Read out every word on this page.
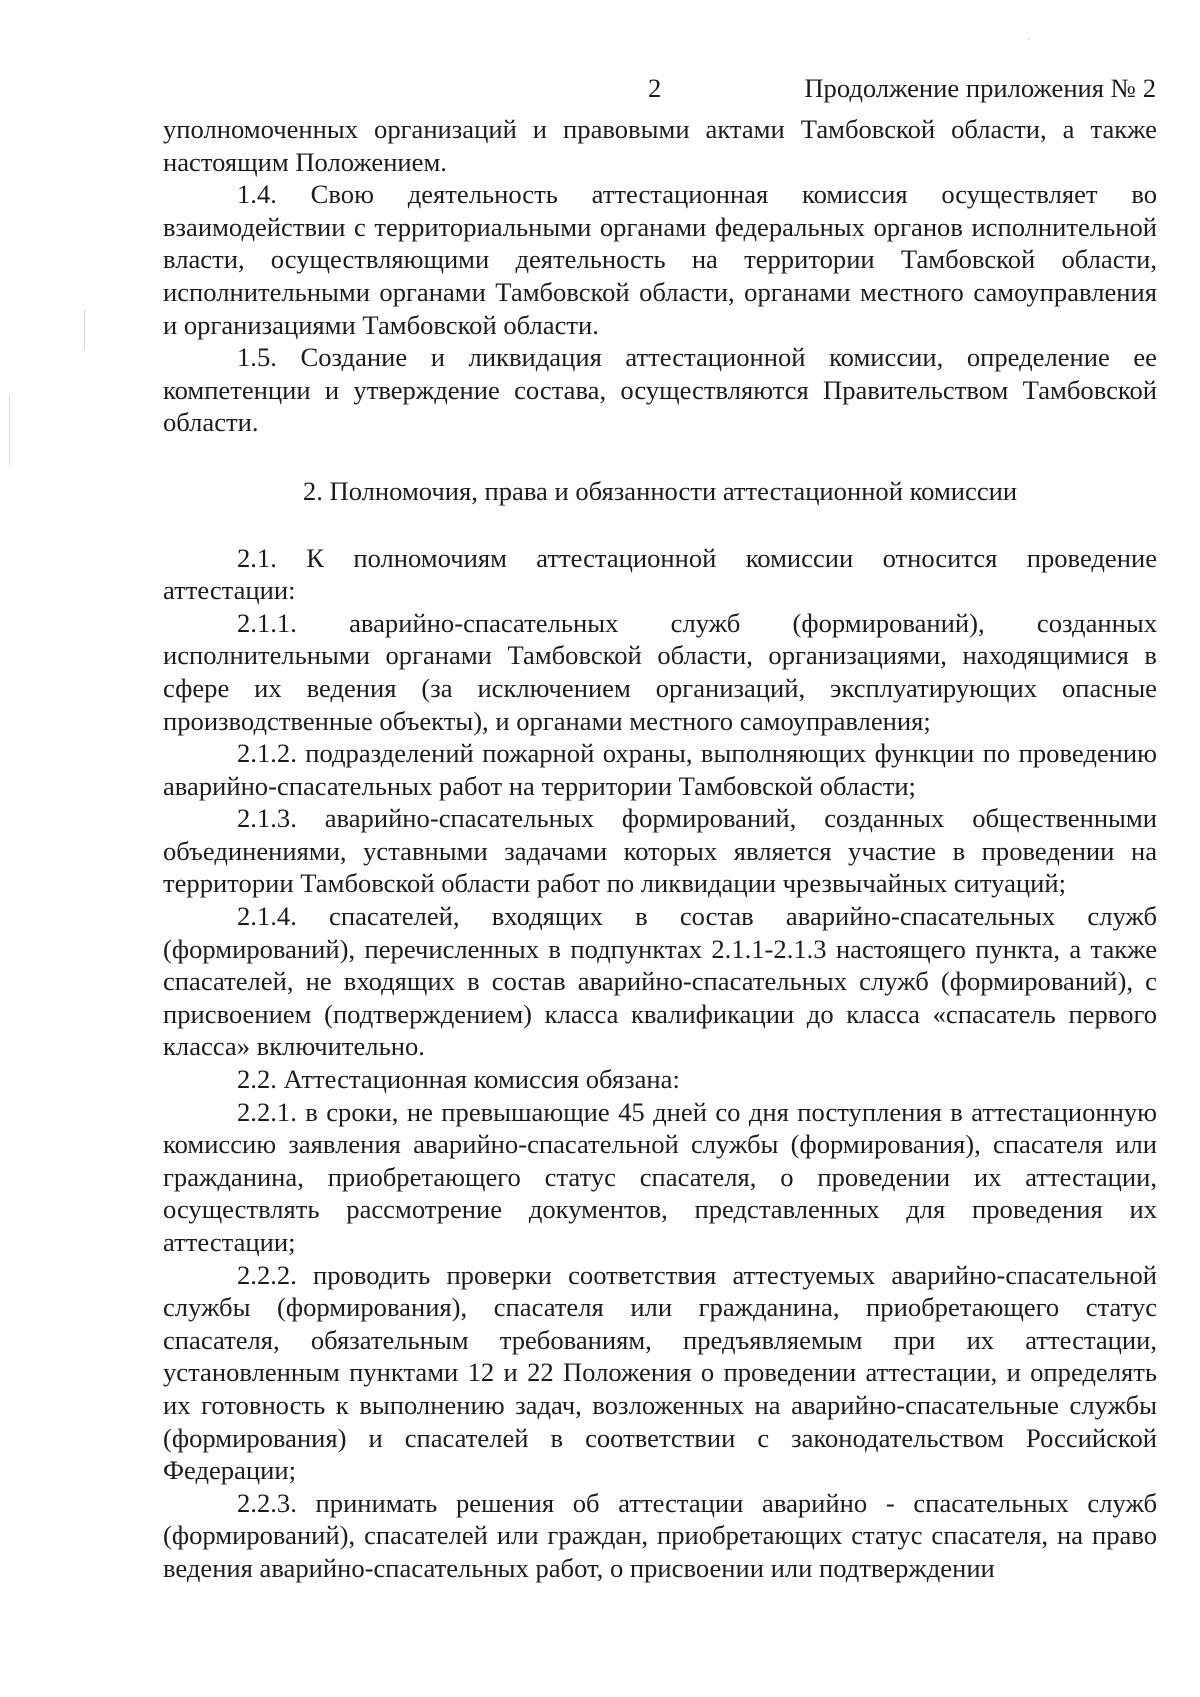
2	Продолжение приложения № 2

уполномоченных организаций и правовыми актами Тамбовской области, а также настоящим Положением.

1.4. Свою деятельность аттестационная комиссия осуществляет во взаимодействии с территориальными органами федеральных органов исполнительной власти, осуществляющими деятельность на территории Тамбовской области, исполнительными органами Тамбовской области, органами местного самоуправления и организациями Тамбовской области.

1.5. Создание и ликвидация аттестационной комиссии, определение ее компетенции и утверждение состава, осуществляются Правительством Тамбовской области.

2. Полномочия, права и обязанности аттестационной комиссии

2.1. К полномочиям аттестационной комиссии относится проведение аттестации:

2.1.1. аварийно-спасательных служб (формирований), созданных исполнительными органами Тамбовской области, организациями, находящимися в сфере их ведения (за исключением организаций, эксплуатирующих опасные производственные объекты), и органами местного самоуправления;

2.1.2. подразделений пожарной охраны, выполняющих функции по проведению аварийно-спасательных работ на территории Тамбовской области;

2.1.3. аварийно-спасательных формирований, созданных общественными объединениями, уставными задачами которых является участие в проведении на территории Тамбовской области работ по ликвидации чрезвычайных ситуаций;

2.1.4. спасателей, входящих в состав аварийно-спасательных служб (формирований), перечисленных в подпунктах 2.1.1-2.1.3 настоящего пункта, а также спасателей, не входящих в состав аварийно-спасательных служб (формирований), с присвоением (подтверждением) класса квалификации до класса «спасатель первого класса» включительно.

2.2. Аттестационная комиссия обязана:

2.2.1. в сроки, не превышающие 45 дней со дня поступления в аттестационную комиссию заявления аварийно-спасательной службы (формирования), спасателя или гражданина, приобретающего статус спасателя, о проведении их аттестации, осуществлять рассмотрение документов, представленных для проведения их аттестации;

2.2.2. проводить проверки соответствия аттестуемых аварийно-спасательной службы (формирования), спасателя или гражданина, приобретающего статус спасателя, обязательным требованиям, предъявляемым при их аттестации, установленным пунктами 12 и 22 Положения о проведении аттестации, и определять их готовность к выполнению задач, возложенных на аварийно-спасательные службы (формирования) и спасателей в соответствии с законодательством Российской Федерации;

2.2.3. принимать решения об аттестации аварийно - спасательных служб (формирований), спасателей или граждан, приобретающих статус спасателя, на право ведения аварийно-спасательных работ, о присвоении или подтверждении
